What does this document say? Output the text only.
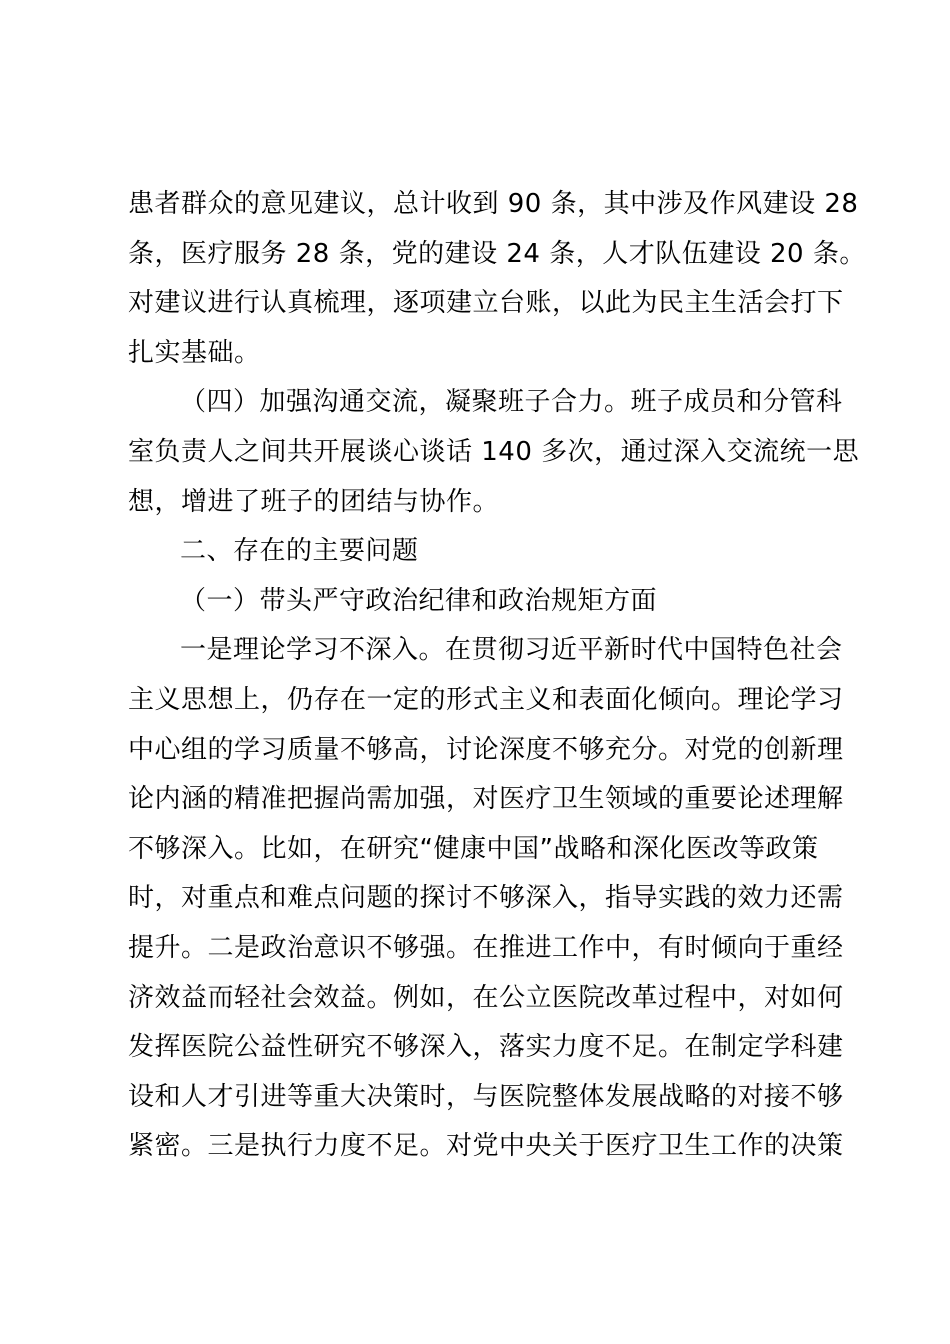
患者群众的意见建议，总计收到 90 条，其中涉及作风建设 28
条，医疗服务 28 条，党的建设 24 条，人才队伍建设 20 条。
对建议进行认真梳理，逐项建立台账，以此为民主生活会打下
扎实基础。
（四）加强沟通交流，凝聚班子合力。班子成员和分管科
室负责人之间共开展谈心谈话 140 多次，通过深入交流统一思
想，增进了班子的团结与协作。
二、存在的主要问题
（一）带头严守政治纪律和政治规矩方面
一是理论学习不深入。在贯彻习近平新时代中国特色社会
主义思想上，仍存在一定的形式主义和表面化倾向。理论学习
中心组的学习质量不够高，讨论深度不够充分。对党的创新理
论内涵的精准把握尚需加强，对医疗卫生领域的重要论述理解
不够深入。比如，在研究“健康中国”战略和深化医改等政策
时，对重点和难点问题的探讨不够深入，指导实践的效力还需
提升。二是政治意识不够强。在推进工作中，有时倾向于重经
济效益而轻社会效益。例如，在公立医院改革过程中，对如何
发挥医院公益性研究不够深入，落实力度不足。在制定学科建
设和人才引进等重大决策时，与医院整体发展战略的对接不够
紧密。三是执行力度不足。对党中央关于医疗卫生工作的决策
